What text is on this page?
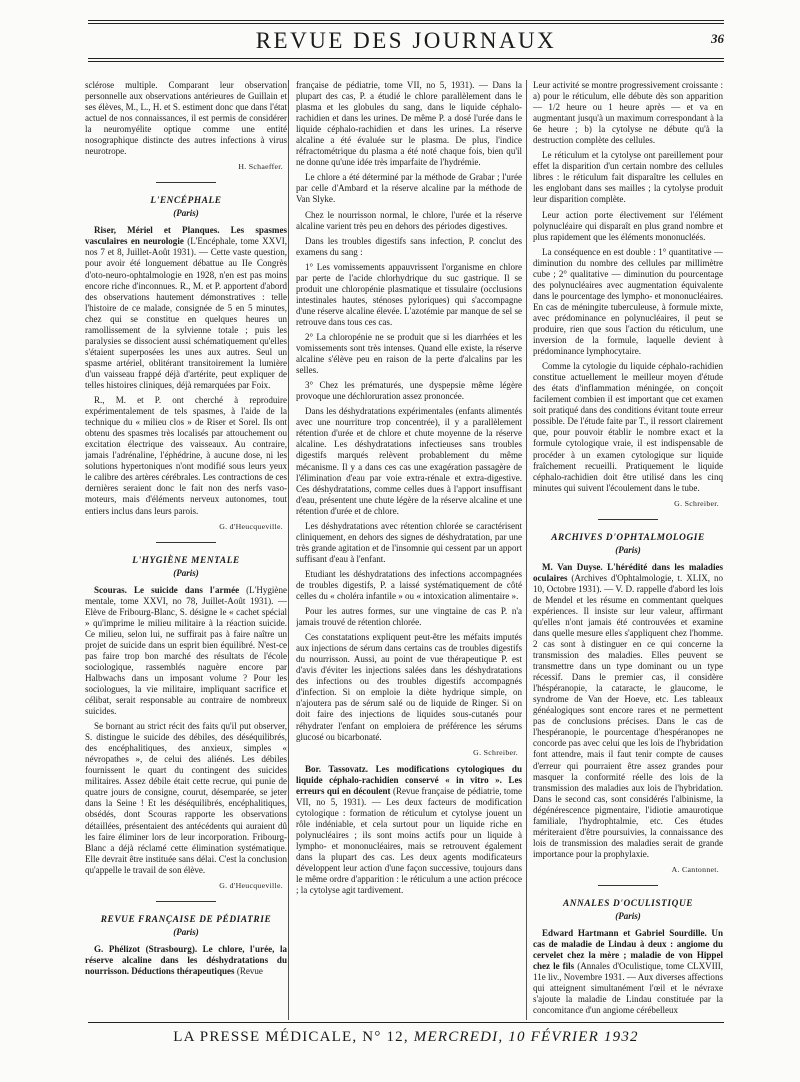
REVUE DES JOURNAUX	36

sclérose multiple. Comparant leur observation personnelle aux observations antérieures de Guillain et ses élèves, M., L., H. et S. estiment donc que dans l'état actuel de nos connaissances, il est permis de considérer la neuromyélite optique comme une entité nosographique distincte des autres infections à virus neurotrope.

H. Schaeffer.

L'ENCÉPHALE
(Paris)

Riser, Mériel et Planques. Les spasmes vasculaires en neurologie (L'Encéphale, tome XXVI, nos 7 et 8, Juillet-Août 1931). — Cette vaste question, pour avoir été longuement débattue au IIe Congrès d'oto-neuro-ophtalmologie en 1928, n'en est pas moins encore riche d'inconnues. R., M. et P. apportent d'abord des observations hautement démonstratives : telle l'histoire de ce malade, consignée de 5 en 5 minutes, chez qui se constitue en quelques heures un ramollissement de la sylvienne totale ; puis les paralysies se dissocient aussi schématiquement qu'elles s'étaient superposées les unes aux autres. Seul un spasme artériel, oblitérant transitoirement la lumière d'un vaisseau frappé déjà d'artérite, peut expliquer de telles histoires cliniques, déjà remarquées par Foix.

R., M. et P. ont cherché à reproduire expérimentalement de tels spasmes, à l'aide de la technique du « milieu clos » de Riser et Sorel. Ils ont obtenu des spasmes très localisés par attouchement ou excitation électrique des vaisseaux. Au contraire, jamais l'adrénaline, l'éphédrine, à aucune dose, ni les solutions hypertoniques n'ont modifié sous leurs yeux le calibre des artères cérébrales. Les contractions de ces dernières seraient donc le fait non des nerfs vaso-moteurs, mais d'éléments nerveux autonomes, tout entiers inclus dans leurs parois.

G. d'Heucqueville.

L'HYGIÈNE MENTALE
(Paris)

Scouras. Le suicide dans l'armée (L'Hygiène mentale, tome XXVI, no 78, Juillet-Août 1931). — Elève de Fribourg-Blanc, S. désigne le « cachet spécial » qu'imprime le milieu militaire à la réaction suicide. Ce milieu, selon lui, ne suffirait pas à faire naître un projet de suicide dans un esprit bien équilibré. N'est-ce pas faire trop bon marché des résultats de l'école sociologique, rassemblés naguère encore par Halbwachs dans un imposant volume ? Pour les sociologues, la vie militaire, impliquant sacrifice et célibat, serait responsable au contraire de nombreux suicides.

Se bornant au strict récit des faits qu'il put observer, S. distingue le suicide des débiles, des déséquilibrés, des encéphalitiques, des anxieux, simples « névropathes », de celui des aliénés. Les débiles fournissent le quart du contingent des suicides militaires. Assez débile était cette recrue, qui punie de quatre jours de consigne, courut, désemparée, se jeter dans la Seine ! Et les déséquilibrés, encéphalitiques, obsédés, dont Scouras rapporte les observations détaillées, présentaient des antécédents qui auraient dû les faire éliminer lors de leur incorporation. Fribourg-Blanc a déjà réclamé cette élimination systématique. Elle devrait être instituée sans délai. C'est la conclusion qu'appelle le travail de son élève.

G. d'Heucqueville.

REVUE FRANÇAISE DE PÉDIATRIE
(Paris)

G. Phélizot (Strasbourg). Le chlore, l'urée, la réserve alcaline dans les déshydratations du nourrisson. Déductions thérapeutiques (Revue

française de pédiatrie, tome VII, no 5, 1931). — Dans la plupart des cas, P. a étudié le chlore parallèlement dans le plasma et les globules du sang, dans le liquide céphalo-rachidien et dans les urines. De même P. a dosé l'urée dans le liquide céphalo-rachidien et dans les urines. La réserve alcaline a été évaluée sur le plasma. De plus, l'indice réfractométrique du plasma a été noté chaque fois, bien qu'il ne donne qu'une idée très imparfaite de l'hydrémie.

Le chlore a été déterminé par la méthode de Grabar ; l'urée par celle d'Ambard et la réserve alcaline par la méthode de Van Slyke.

Chez le nourrisson normal, le chlore, l'urée et la réserve alcaline varient très peu en dehors des périodes digestives.

Dans les troubles digestifs sans infection, P. conclut des examens du sang :

1° Les vomissements appauvrissent l'organisme en chlore par perte de l'acide chlorhydrique du suc gastrique. Il se produit une chloropénie plasmatique et tissulaire (occlusions intestinales hautes, sténoses pyloriques) qui s'accompagne d'une réserve alcaline élevée. L'azotémie par manque de sel se retrouve dans tous ces cas.

2° La chloropénie ne se produit que si les diarrhées et les vomissements sont très intenses. Quand elle existe, la réserve alcaline s'élève peu en raison de la perte d'alcalins par les selles.

3° Chez les prématurés, une dyspepsie même légère provoque une déchloruration assez prononcée.

Dans les déshydratations expérimentales (enfants alimentés avec une nourriture trop concentrée), il y a parallèlement rétention d'urée et de chlore et chute moyenne de la réserve alcaline. Les déshydratations infectieuses sans troubles digestifs marqués relèvent probablement du même mécanisme. Il y a dans ces cas une exagération passagère de l'élimination d'eau par voie extra-rénale et extra-digestive. Ces déshydratations, comme celles dues à l'apport insuffisant d'eau, présentent une chute légère de la réserve alcaline et une rétention d'urée et de chlore.

Les déshydratations avec rétention chlorée se caractérisent cliniquement, en dehors des signes de déshydratation, par une très grande agitation et de l'insomnie qui cessent par un apport suffisant d'eau à l'enfant.

Etudiant les déshydratations des infections accompagnées de troubles digestifs, P. a laissé systématiquement de côté celles du « choléra infantile » ou « intoxication alimentaire ».

Pour les autres formes, sur une vingtaine de cas P. n'a jamais trouvé de rétention chlorée.

Ces constatations expliquent peut-être les méfaits imputés aux injections de sérum dans certains cas de troubles digestifs du nourrisson. Aussi, au point de vue thérapeutique P. est d'avis d'éviter les injections salées dans les déshydratations des infections ou des troubles digestifs accompagnés d'infection. Si on emploie la diète hydrique simple, on n'ajoutera pas de sérum salé ou de liquide de Ringer. Si on doit faire des injections de liquides sous-cutanés pour réhydrater l'enfant on emploiera de préférence les sérums glucosé ou bicarbonaté.

G. Schreiber.

Bor. Tassovatz. Les modifications cytologiques du liquide céphalo-rachidien conservé « in vitro ». Les erreurs qui en découlent (Revue française de pédiatrie, tome VII, no 5, 1931). — Les deux facteurs de modification cytologique : formation de réticulum et cytolyse jouent un rôle indéniable, et cela surtout pour un liquide riche en polynucléaires ; ils sont moins actifs pour un liquide à lympho- et mononucléaires, mais se retrouvent également dans la plupart des cas. Les deux agents modificateurs développent leur action d'une façon successive, toujours dans le même ordre d'apparition : le réticulum a une action précoce ; la cytolyse agit tardivement.

Leur activité se montre progressivement croissante : a) pour le réticulum, elle débute dès son apparition — 1/2 heure ou 1 heure après — et va en augmentant jusqu'à un maximum correspondant à la 6e heure ; b) la cytolyse ne débute qu'à la destruction complète des cellules.

Le réticulum et la cytolyse ont pareillement pour effet la disparition d'un certain nombre des cellules libres : le réticulum fait disparaître les cellules en les englobant dans ses mailles ; la cytolyse produit leur disparition complète.

Leur action porte électivement sur l'élément polynucléaire qui disparaît en plus grand nombre et plus rapidement que les éléments mononucléés.

La conséquence en est double : 1° quantitative — diminution du nombre des cellules par millimètre cube ; 2° qualitative — diminution du pourcentage des polynucléaires avec augmentation équivalente dans le pourcentage des lympho- et mononucléaires. En cas de méningite tuberculeuse, à formule mixte, avec prédominance en polynucléaires, il peut se produire, rien que sous l'action du réticulum, une inversion de la formule, laquelle devient à prédominance lymphocytaire.

Comme la cytologie du liquide céphalo-rachidien constitue actuellement le meilleur moyen d'étude des états d'inflammation méningée, on conçoit facilement combien il est important que cet examen soit pratiqué dans des conditions évitant toute erreur possible. De l'étude faite par T., il ressort clairement que, pour pouvoir établir le nombre exact et la formule cytologique vraie, il est indispensable de procéder à un examen cytologique sur liquide fraîchement recueilli. Pratiquement le liquide céphalo-rachidien doit être utilisé dans les cinq minutes qui suivent l'écoulement dans le tube.

G. Schreiber.

ARCHIVES D'OPHTALMOLOGIE
(Paris)

M. Van Duyse. L'hérédité dans les maladies oculaires (Archives d'Ophtalmologie, t. XLIX, no 10, Octobre 1931). — V. D. rappelle d'abord les lois de Mendel et les résume en commentant quelques expériences. Il insiste sur leur valeur, affirmant qu'elles n'ont jamais été controuvées et examine dans quelle mesure elles s'appliquent chez l'homme. 2 cas sont à distinguer en ce qui concerne la transmission des maladies. Elles peuvent se transmettre dans un type dominant ou un type récessif. Dans le premier cas, il considère l'héspéranopie, la cataracte, le glaucome, le syndrome de Van der Hoeve, etc. Les tableaux généalogiques sont encore rares et ne permettent pas de conclusions précises. Dans le cas de l'hespéranopie, le pourcentage d'hespéranopes ne concorde pas avec celui que les lois de l'hybridation font attendre, mais il faut tenir compte de causes d'erreur qui pourraient être assez grandes pour masquer la conformité réelle des lois de la transmission des maladies aux lois de l'hybridation. Dans le second cas, sont considérés l'albinisme, la dégénérescence pigmentaire, l'idiotie amaurotique familiale, l'hydrophtalmie, etc. Ces études mériteraient d'être poursuivies, la connaissance des lois de transmission des maladies serait de grande importance pour la prophylaxie.

A. Cantonnet.

ANNALES D'OCULISTIQUE
(Paris)

Edward Hartmann et Gabriel Sourdille. Un cas de maladie de Lindau à deux : angiome du cervelet chez la mère ; maladie de von Hippel chez le fils (Annales d'Oculistique, tome CLXVIII, 11e liv., Novembre 1931. — Aux diverses affections qui atteignent simultanément l'œil et le névraxe s'ajoute la maladie de Lindau constituée par la concomitance d'un angiome cérébelleux

LA PRESSE MÉDICALE, N° 12, MERCREDI, 10 FÉVRIER 1932
